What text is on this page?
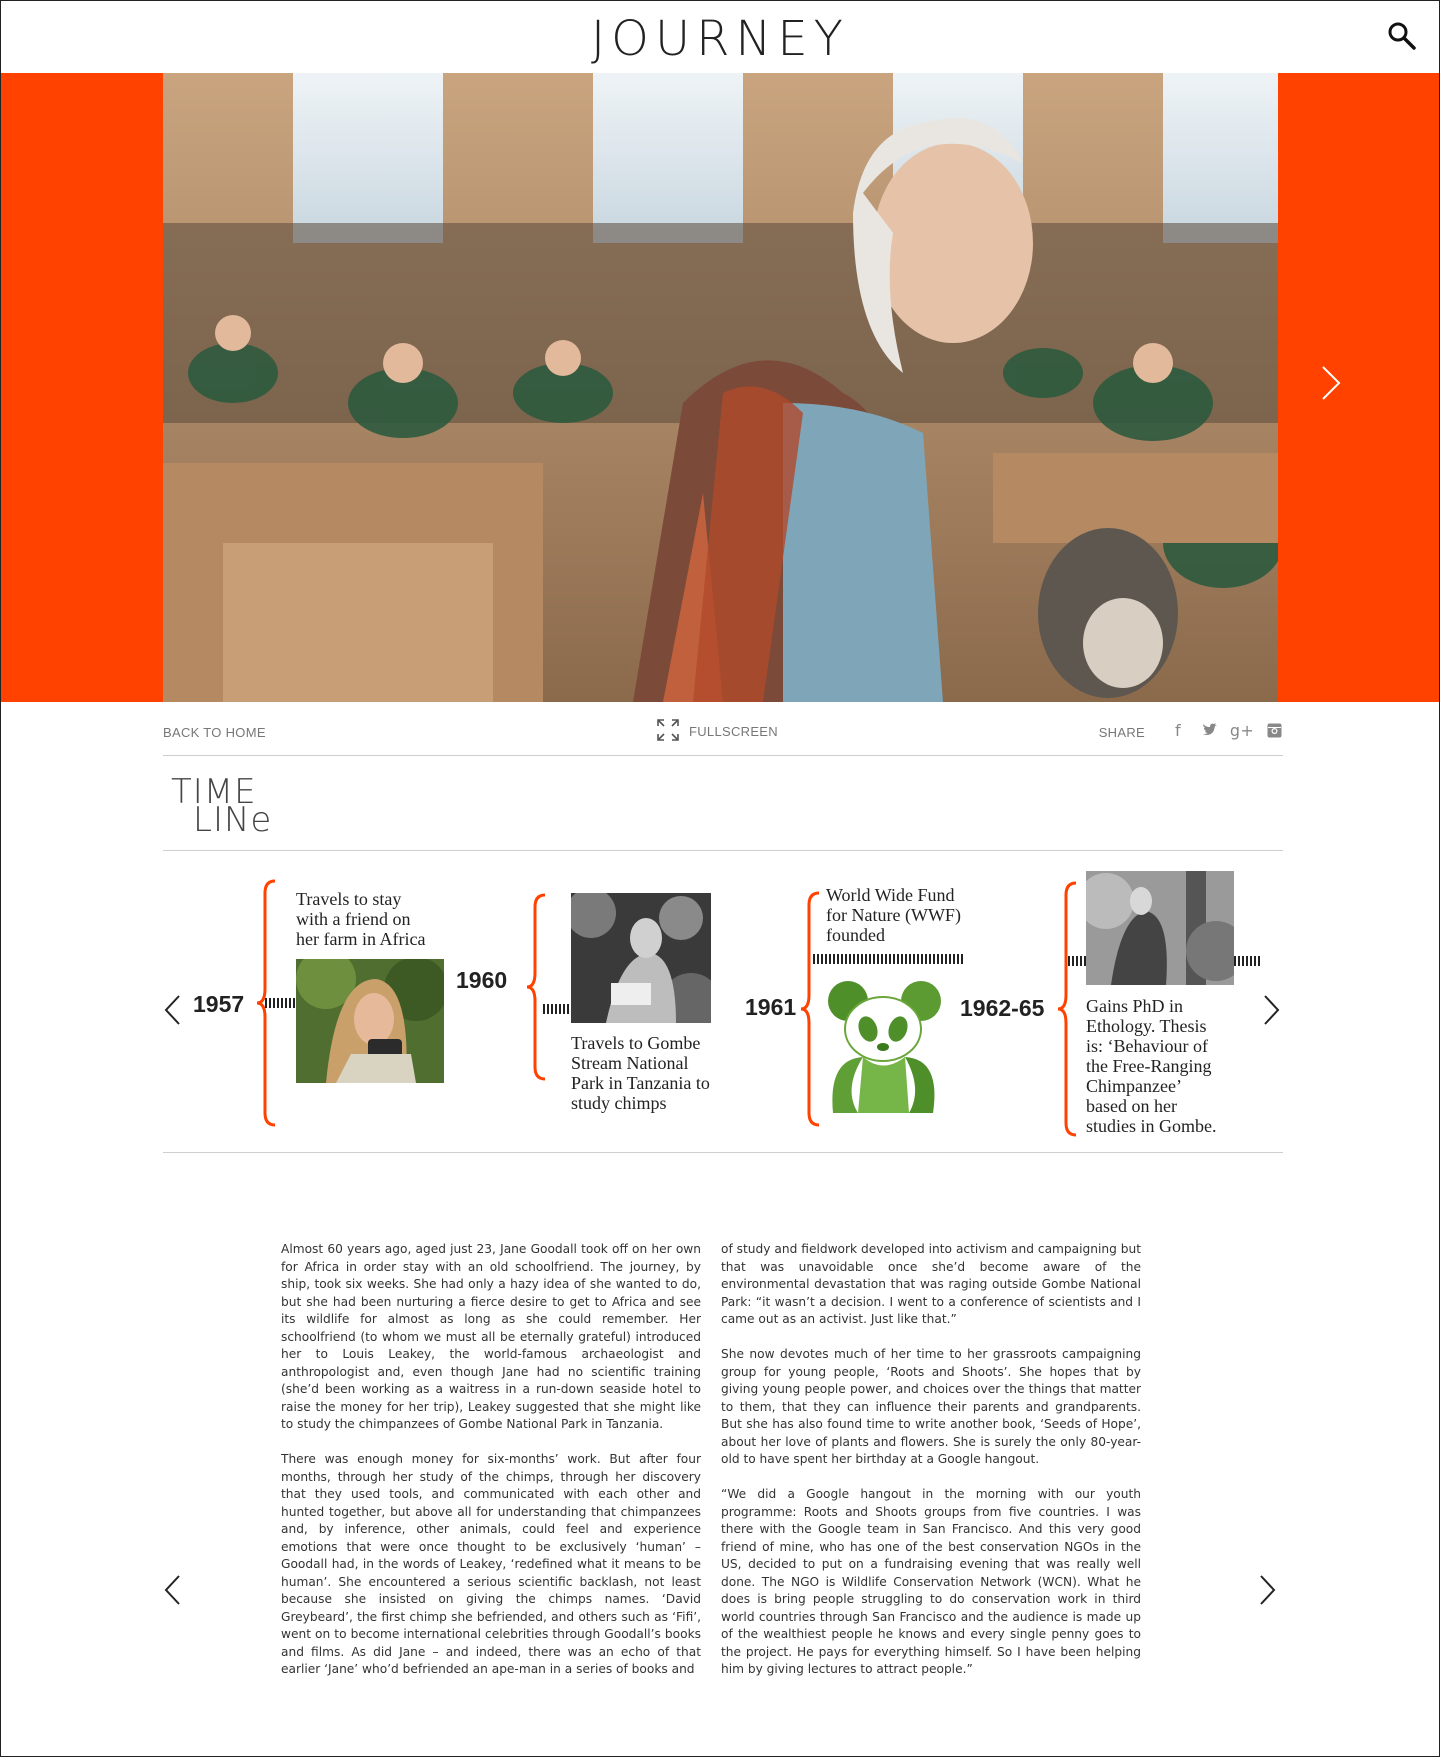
JOURNEY
BACK TO HOME	FULLSCREEN	SHARE	f	g+
TIME
LINe
1957
Travels to stay with a friend on her farm in Africa
1960
Travels to Gombe Stream National Park in Tanzania to study chimps
1961
World Wide Fund for Nature (WWF) founded
1962-65 Gains PhD in Ethology. Thesis is: ‘Behaviour of the Free-Ranging Chimpanzee’ based on her studies in Gombe.

Almost 60 years ago, aged just 23, Jane Goodall took off on her own for Africa in order stay with an old schoolfriend. The journey, by ship, took six weeks. She had only a hazy idea of she wanted to do, but she had been nurturing a fierce desire to get to Africa and see its wildlife for almost as long as she could remember. Her schoolfriend (to whom we must all be eternally grateful) introduced her to Louis Leakey, the world-famous archaeologist and anthropologist and, even though Jane had no scientific training (she’d been working as a waitress in a run-down seaside hotel to raise the money for her trip), Leakey suggested that she might like to study the chimpanzees of Gombe National Park in Tanzania.

There was enough money for six-months’ work. But after four months, through her study of the chimps, through her discovery that they used tools, and communicated with each other and hunted together, but above all for understanding that chimpanzees and, by inference, other animals, could feel and experience emotions that were once thought to be exclusively ‘human’ – Goodall had, in the words of Leakey, ‘redefined what it means to be human’. She encountered a serious scientific backlash, not least because she insisted on giving the chimps names. ‘David Greybeard’, the first chimp she befriended, and others such as ‘Fifi’, went on to become international celebrities through Goodall’s books and films. As did Jane – and indeed, there was an echo of that earlier ‘Jane’ who’d befriended an ape-man in a series of books and

of study and fieldwork developed into activism and campaigning but that was unavoidable once she’d become aware of the environmental devastation that was raging outside Gombe National Park: “it wasn’t a decision. I went to a conference of scientists and I came out as an activist. Just like that.”

She now devotes much of her time to her grassroots campaigning group for young people, ‘Roots and Shoots’. She hopes that by giving young people power, and choices over the things that matter to them, that they can influence their parents and grandparents. But she has also found time to write another book, ‘Seeds of Hope’, about her love of plants and flowers. She is surely the only 80-year-old to have spent her birthday at a Google hangout.

“We did a Google hangout in the morning with our youth programme: Roots and Shoots groups from five countries. I was there with the Google team in San Francisco. And this very good friend of mine, who has one of the best conservation NGOs in the US, decided to put on a fundraising evening that was really well done. The NGO is Wildlife Conservation Network (WCN). What he does is bring people struggling to do conservation work in third world countries through San Francisco and the audience is made up of the wealthiest people he knows and every single penny goes to the project. He pays for everything himself. So I have been helping him by giving lectures to attract people.”
